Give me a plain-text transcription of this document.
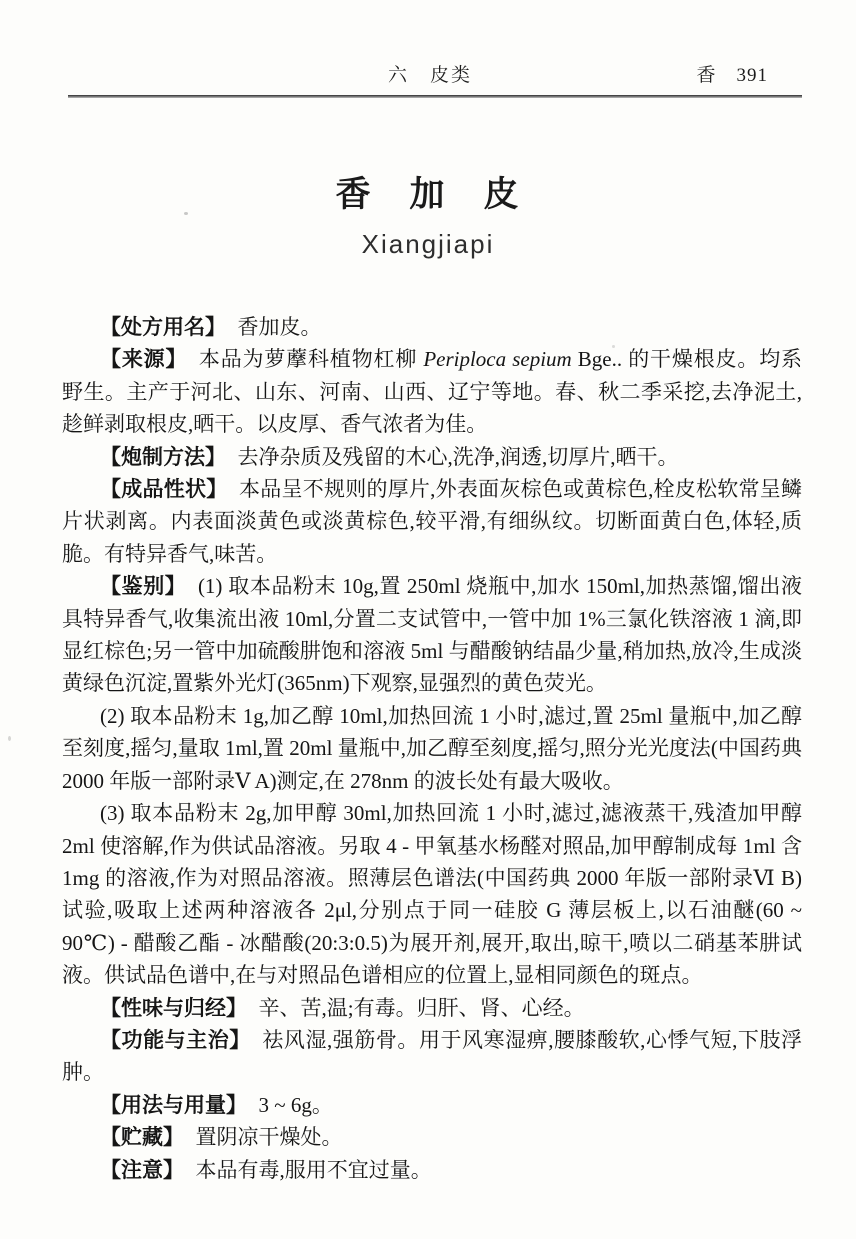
六　皮类	香　391
香　加　皮
Xiangjiapi

【处方用名】 香加皮。

【来源】 本品为萝藦科植物杠柳 Periploca sepium Bge.. 的干燥根皮。均系野生。主产于河北、山东、河南、山西、辽宁等地。春、秋二季采挖,去净泥土,趁鲜剥取根皮,晒干。以皮厚、香气浓者为佳。

【炮制方法】 去净杂质及残留的木心,洗净,润透,切厚片,晒干。

【成品性状】 本品呈不规则的厚片,外表面灰棕色或黄棕色,栓皮松软常呈鳞片状剥离。内表面淡黄色或淡黄棕色,较平滑,有细纵纹。切断面黄白色,体轻,质脆。有特异香气,味苦。

【鉴别】 (1) 取本品粉末 10g,置 250ml 烧瓶中,加水 150ml,加热蒸馏,馏出液具特异香气,收集流出液 10ml,分置二支试管中,一管中加 1%三氯化铁溶液 1 滴,即显红棕色;另一管中加硫酸肼饱和溶液 5ml 与醋酸钠结晶少量,稍加热,放冷,生成淡黄绿色沉淀,置紫外光灯(365nm)下观察,显强烈的黄色荧光。

(2) 取本品粉末 1g,加乙醇 10ml,加热回流 1 小时,滤过,置 25ml 量瓶中,加乙醇至刻度,摇匀,量取 1ml,置 20ml 量瓶中,加乙醇至刻度,摇匀,照分光光度法(中国药典 2000 年版一部附录Ⅴ A)测定,在 278nm 的波长处有最大吸收。

(3) 取本品粉末 2g,加甲醇 30ml,加热回流 1 小时,滤过,滤液蒸干,残渣加甲醇 2ml 使溶解,作为供试品溶液。另取 4 - 甲氧基水杨醛对照品,加甲醇制成每 1ml 含 1mg 的溶液,作为对照品溶液。照薄层色谱法(中国药典 2000 年版一部附录Ⅵ B)试验,吸取上述两种溶液各 2μl,分别点于同一硅胶 G 薄层板上,以石油醚(60 ~ 90℃) - 醋酸乙酯 - 冰醋酸(20:3:0.5)为展开剂,展开,取出,晾干,喷以二硝基苯肼试液。供试品色谱中,在与对照品色谱相应的位置上,显相同颜色的斑点。

【性味与归经】 辛、苦,温;有毒。归肝、肾、心经。

【功能与主治】 祛风湿,强筋骨。用于风寒湿痹,腰膝酸软,心悸气短,下肢浮肿。

【用法与用量】 3 ~ 6g。

【贮藏】 置阴凉干燥处。

【注意】 本品有毒,服用不宜过量。
